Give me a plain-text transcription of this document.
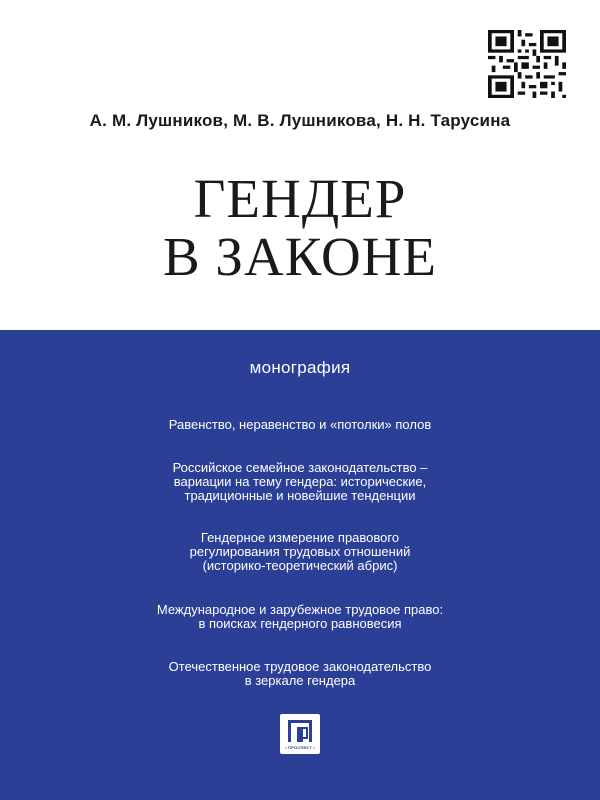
А. М. Лушников, М. В. Лушникова, Н. Н. Тарусина
ГЕНДЕР
В ЗАКОНЕ
монография
Равенство, неравенство и «потолки» полов
Российское семейное законодательство –
вариации на тему гендера: исторические,
традиционные и новейшие тенденции
Гендерное измерение правового
регулирования трудовых отношений
(историко-теоретический абрис)
Международное и зарубежное трудовое право:
в поисках гендерного равновесия
Отечественное трудовое законодательство
в зеркале гендера
• ПРОСПЕКТ •
